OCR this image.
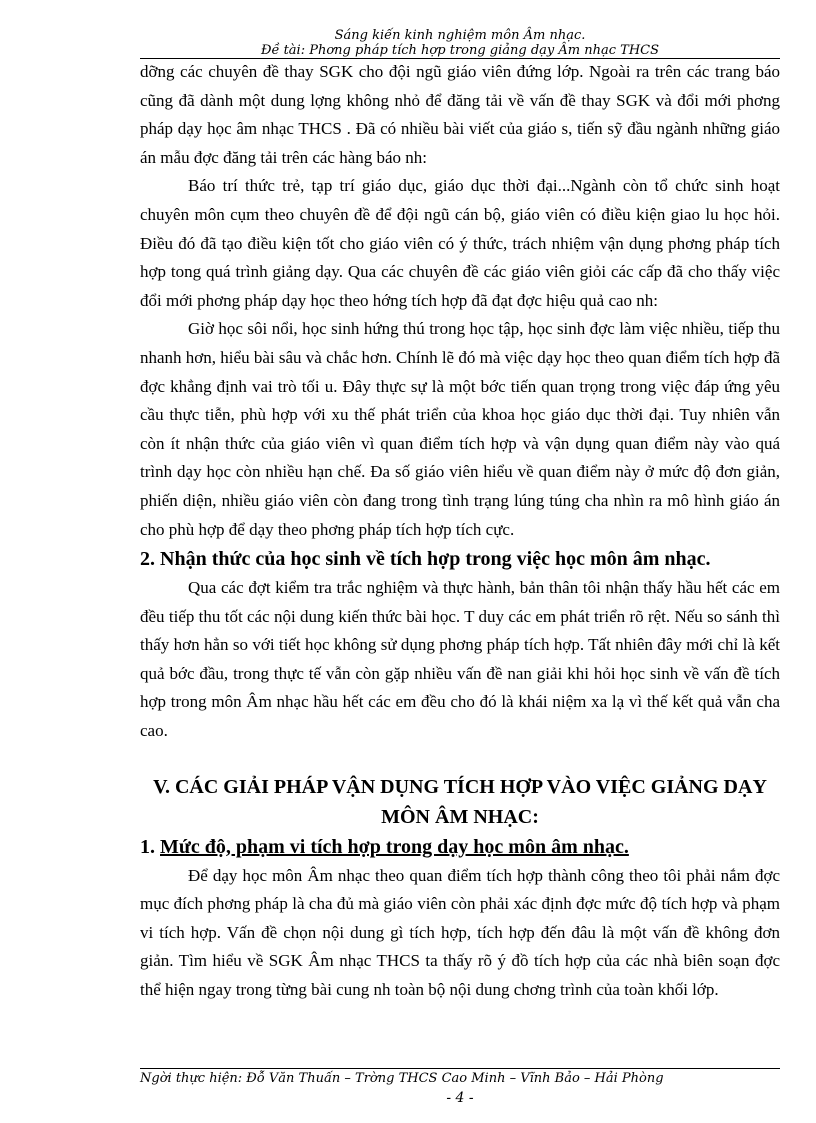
Sáng kiến kinh nghiệm môn Âm nhạc.
Đề tài: Phơng pháp tích hợp trong giảng dạy Âm nhạc THCS

dỡng các chuyên đề thay SGK cho đội ngũ giáo viên đứng lớp. Ngoài ra trên các trang báo cũng đã dành một dung lợng không nhỏ để đăng tải về vấn đề thay SGK và đổi mới phơng pháp dạy học âm nhạc THCS . Đã có nhiều bài viết của giáo s, tiến sỹ đầu ngành những giáo án mẫu đợc đăng tải trên các hàng báo nh:

Báo trí thức trẻ, tạp trí giáo dục, giáo dục thời đại...Ngành còn tổ chức sinh hoạt chuyên môn cụm theo chuyên đề để đội ngũ cán bộ, giáo viên có điều kiện giao lu học hỏi. Điều đó đã tạo điều kiện tốt cho giáo viên có ý thức, trách nhiệm vận dụng phơng pháp tích hợp tong quá trình giảng dạy. Qua các chuyên đề các giáo viên giỏi các cấp đã cho thấy việc đổi mới phơng pháp dạy học theo hớng tích hợp đã đạt đợc hiệu quả cao nh:

Giờ học sôi nổi, học sinh hứng thú trong học tập, học sinh đợc làm việc nhiều, tiếp thu nhanh hơn, hiểu bài sâu và chắc hơn. Chính lẽ đó mà việc dạy học theo quan điểm tích hợp đã đợc khẳng định vai trò tối u. Đây thực sự là một bớc tiến quan trọng trong việc đáp ứng yêu cầu thực tiễn, phù hợp với xu thế phát triển của khoa học giáo dục thời đại. Tuy nhiên vẫn còn ít nhận thức của giáo viên vì quan điểm tích hợp và vận dụng quan điểm này vào quá trình dạy học còn nhiều hạn chế. Đa số giáo viên hiểu về quan điểm này ở mức độ đơn giản, phiến diện, nhiều giáo viên còn đang trong tình trạng lúng túng cha nhìn ra mô hình giáo án cho phù hợp để dạy theo phơng pháp tích hợp tích cực.

2. Nhận thức của học sinh về tích hợp trong việc học môn âm nhạc.

Qua các đợt kiểm tra trắc nghiệm và thực hành, bản thân tôi nhận thấy hầu hết các em đều tiếp thu tốt các nội dung kiến thức bài học. T duy các em phát triển rõ rệt. Nếu so sánh thì thấy hơn hẳn so với tiết học không sử dụng phơng pháp tích hợp. Tất nhiên đây mới chỉ là kết quả bớc đầu, trong thực tế vẫn còn gặp nhiều vấn đề nan giải khi hỏi học sinh về vấn đề tích hợp trong môn Âm nhạc hầu hết các em đều cho đó là khái niệm xa lạ vì thế kết quả vẫn cha cao.

V. CÁC GIẢI PHÁP VẬN DỤNG TÍCH HỢP VÀO VIỆC GIẢNG DẠY MÔN ÂM NHẠC:

1. Mức độ, phạm vi tích hợp trong dạy học môn âm nhạc.

Để dạy học môn Âm nhạc theo quan điểm tích hợp thành công theo tôi phải nắm đợc mục đích phơng pháp là cha đủ mà giáo viên còn phải xác định đợc mức độ tích hợp và phạm vi tích hợp. Vấn đề chọn nội dung gì tích hợp, tích hợp đến đâu là một vấn đề không đơn giản. Tìm hiểu về SGK Âm nhạc THCS ta thấy rõ ý đồ tích hợp của các nhà biên soạn đợc thể hiện ngay trong từng bài cung nh toàn bộ nội dung chơng trình của toàn khối lớp.

Ngời thực hiện: Đỗ Văn Thuấn – Trờng THCS Cao Minh – Vĩnh Bảo – Hải Phòng
- 4 -
